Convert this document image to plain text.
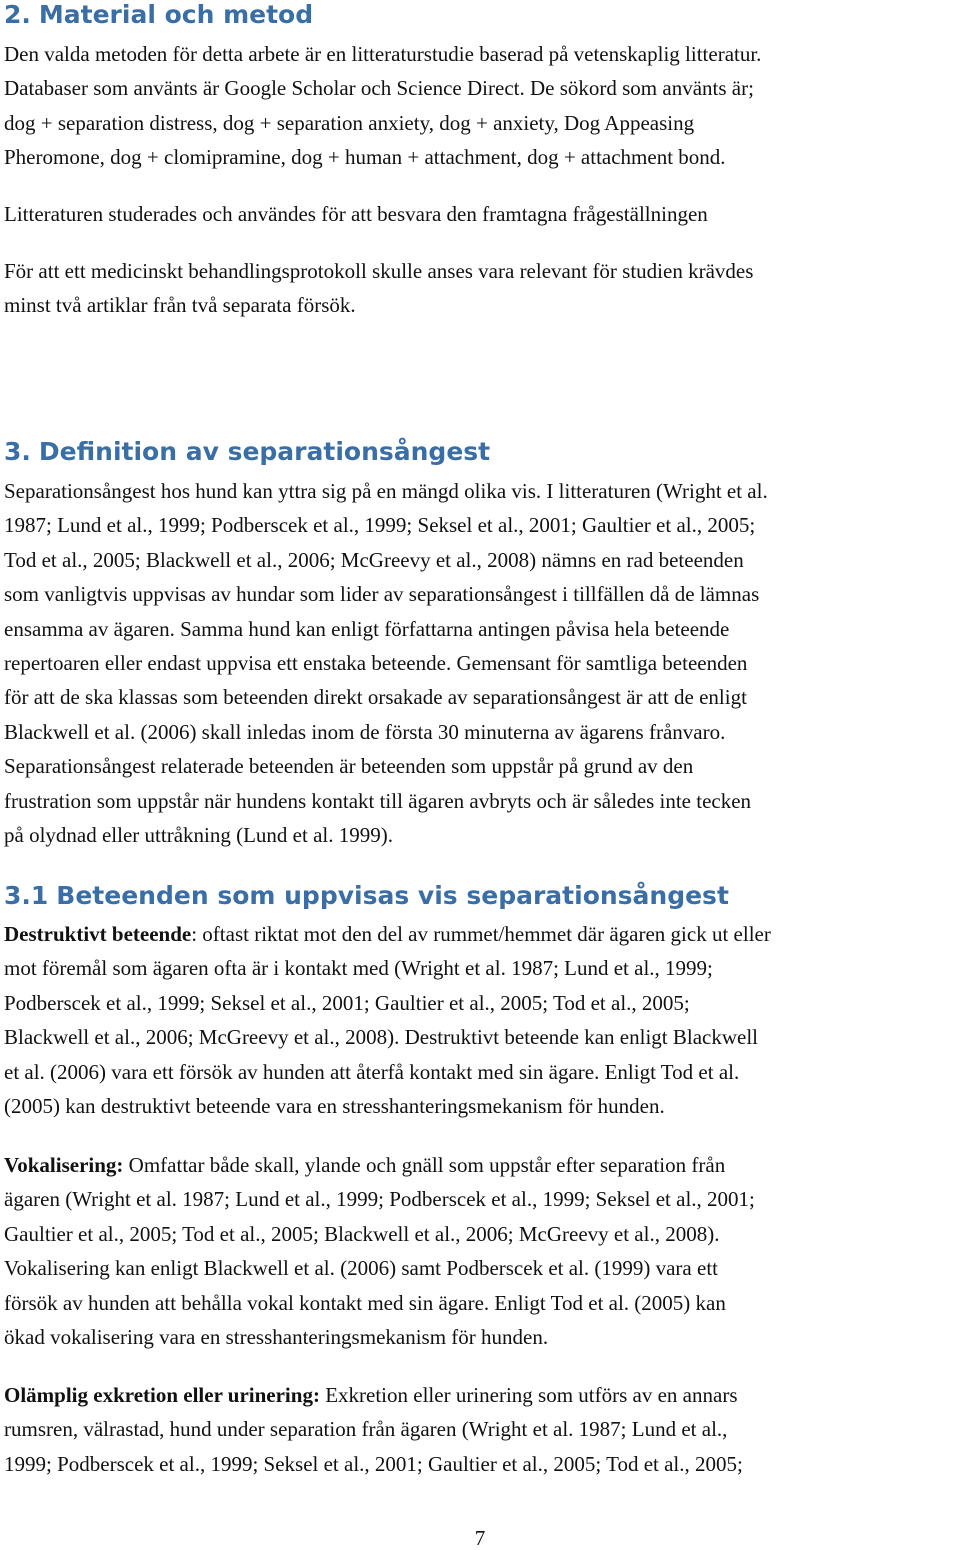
2. Material och metod

Den valda metoden för detta arbete är en litteraturstudie baserad på vetenskaplig litteratur.
Databaser som använts är Google Scholar och Science Direct. De sökord som använts är;
dog + separation distress, dog + separation anxiety, dog + anxiety, Dog Appeasing
Pheromone, dog + clomipramine, dog + human + attachment, dog + attachment bond.

Litteraturen studerades och användes för att besvara den framtagna frågeställningen

För att ett medicinskt behandlingsprotokoll skulle anses vara relevant för studien krävdes
minst två artiklar från två separata försök.

3. Definition av separationsångest

Separationsångest hos hund kan yttra sig på en mängd olika vis. I litteraturen (Wright et al.
1987; Lund et al., 1999; Podberscek et al., 1999; Seksel et al., 2001; Gaultier et al., 2005;
Tod et al., 2005; Blackwell et al., 2006; McGreevy et al., 2008) nämns en rad beteenden
som vanligtvis uppvisas av hundar som lider av separationsångest i tillfällen då de lämnas
ensamma av ägaren. Samma hund kan enligt författarna antingen påvisa hela beteende
repertoaren eller endast uppvisa ett enstaka beteende. Gemensant för samtliga beteenden
för att de ska klassas som beteenden direkt orsakade av separationsångest är att de enligt
Blackwell et al. (2006) skall inledas inom de första 30 minuterna av ägarens frånvaro.
Separationsångest relaterade beteenden är beteenden som uppstår på grund av den
frustration som uppstår när hundens kontakt till ägaren avbryts och är således inte tecken
på olydnad eller uttråkning (Lund et al. 1999).

3.1 Beteenden som uppvisas vis separationsångest

Destruktivt beteende: oftast riktat mot den del av rummet/hemmet där ägaren gick ut eller
mot föremål som ägaren ofta är i kontakt med (Wright et al. 1987; Lund et al., 1999;
Podberscek et al., 1999; Seksel et al., 2001; Gaultier et al., 2005; Tod et al., 2005;
Blackwell et al., 2006; McGreevy et al., 2008). Destruktivt beteende kan enligt Blackwell
et al. (2006) vara ett försök av hunden att återfå kontakt med sin ägare. Enligt Tod et al.
(2005) kan destruktivt beteende vara en stresshanteringsmekanism för hunden.

Vokalisering: Omfattar både skall, ylande och gnäll som uppstår efter separation från
ägaren (Wright et al. 1987; Lund et al., 1999; Podberscek et al., 1999; Seksel et al., 2001;
Gaultier et al., 2005; Tod et al., 2005; Blackwell et al., 2006; McGreevy et al., 2008).
Vokalisering kan enligt Blackwell et al. (2006) samt Podberscek et al. (1999) vara ett
försök av hunden att behålla vokal kontakt med sin ägare. Enligt Tod et al. (2005) kan
ökad vokalisering vara en stresshanteringsmekanism för hunden.

Olämplig exkretion eller urinering: Exkretion eller urinering som utförs av en annars
rumsren, välrastad, hund under separation från ägaren (Wright et al. 1987; Lund et al.,
1999; Podberscek et al., 1999; Seksel et al., 2001; Gaultier et al., 2005; Tod et al., 2005;

7
